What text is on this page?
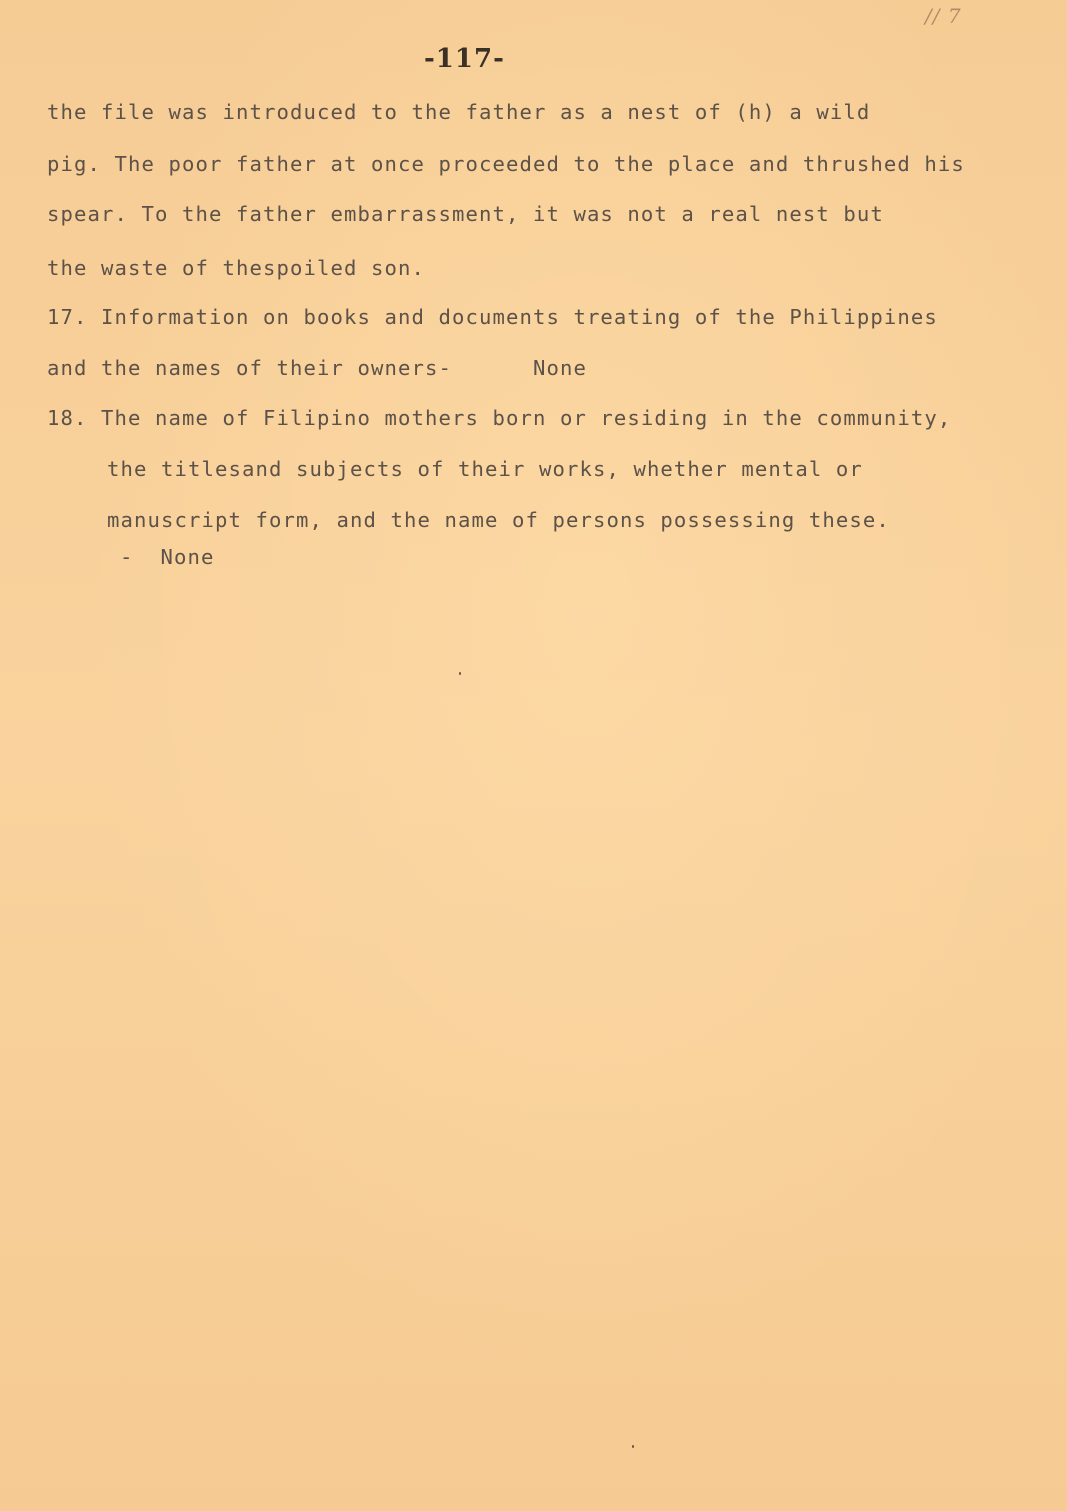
// 7
-117-
the file was introduced to the father as a nest of (h) a wild
pig. The poor father at once proceeded to the place and thrushed his
spear. To the father embarrassment, it was not a real nest but
the waste of thespoiled son.
17. Information on books and documents treating of the Philippines
and the names of their owners-      None
18. The name of Filipino mothers born or residing in the community,
the titlesand subjects of their works, whether mental or
manuscript form, and the name of persons possessing these.
-  None
